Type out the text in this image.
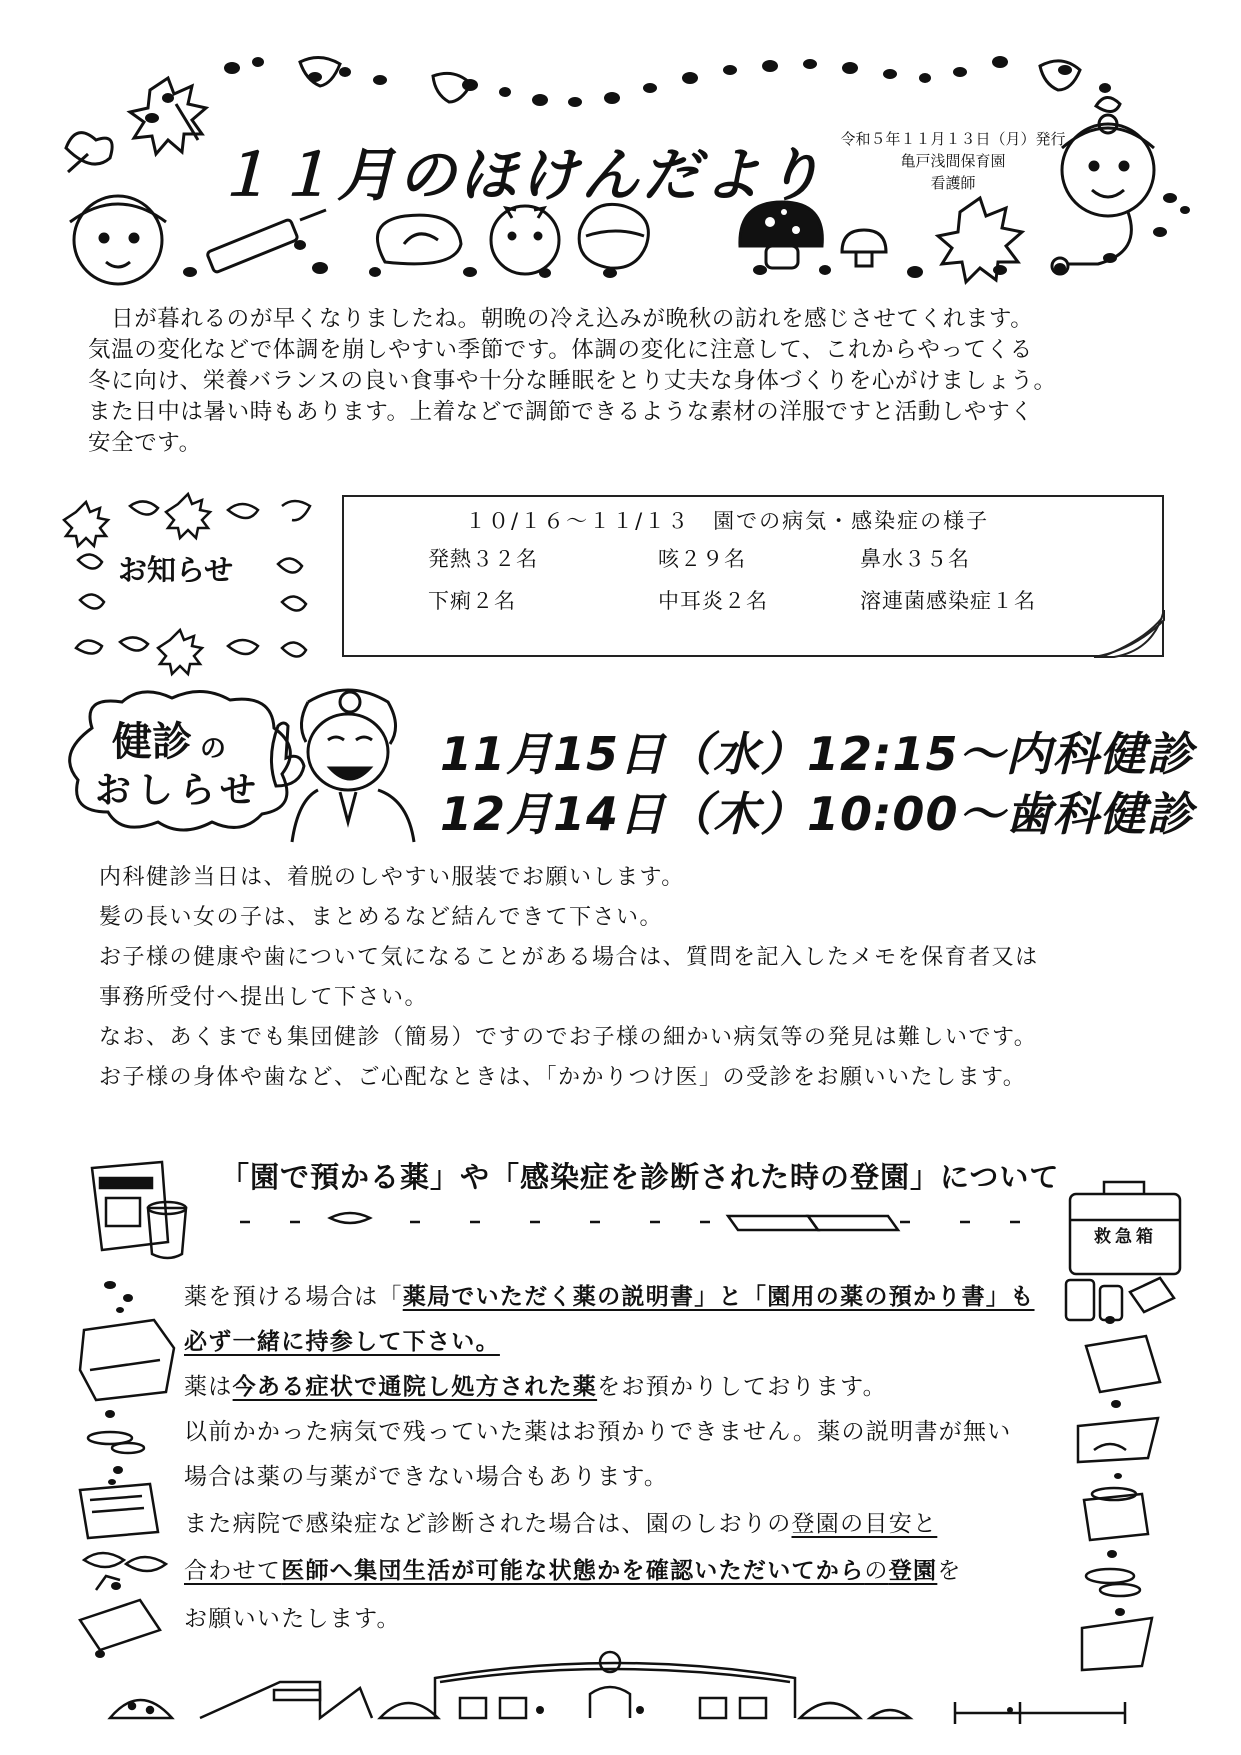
１１月のほけんだより
令和５年１１月１３日（月）発行
亀戸浅間保育園
看護師

　日が暮れるのが早くなりましたね。朝晩の冷え込みが晩秋の訪れを感じさせてくれます。

気温の変化などで体調を崩しやすい季節です。体調の変化に注意して、これからやってくる

冬に向け、栄養バランスの良い食事や十分な睡眠をとり丈夫な身体づくりを心がけましょう。

また日中は暑い時もあります。上着などで調節できるような素材の洋服ですと活動しやすく

安全です。

お知らせ
１０/１６～１１/１３　園での病気・感染症の様子
発熱３２名	咳２９名	鼻水３５名
下痢２名	中耳炎２名	溶連菌感染症１名
健診 の
おしらせ
11月15日（水）12:15～内科健診
12月14日（木）10:00～歯科健診

内科健診当日は、着脱のしやすい服装でお願いします。

髪の長い女の子は、まとめるなど結んできて下さい。

お子様の健康や歯について気になることがある場合は、質問を記入したメモを保育者又は

事務所受付へ提出して下さい。

なお、あくまでも集団健診（簡易）ですのでお子様の細かい病気等の発見は難しいです。

お子様の身体や歯など、ご心配なときは、「かかりつけ医」の受診をお願いいたします。

救急箱
「園で預かる薬」や「感染症を診断された時の登園」について
薬を預ける場合は「薬局でいただく薬の説明書」と「園用の薬の預かり書」も
必ず一緒に持参して下さい。
薬は今ある症状で通院し処方された薬をお預かりしております。
以前かかった病気で残っていた薬はお預かりできません。薬の説明書が無い
場合は薬の与薬ができない場合もあります。
また病院で感染症など診断された場合は、園のしおりの登園の目安と
合わせて医師へ集団生活が可能な状態かを確認いただいてからの登園を
お願いいたします。
